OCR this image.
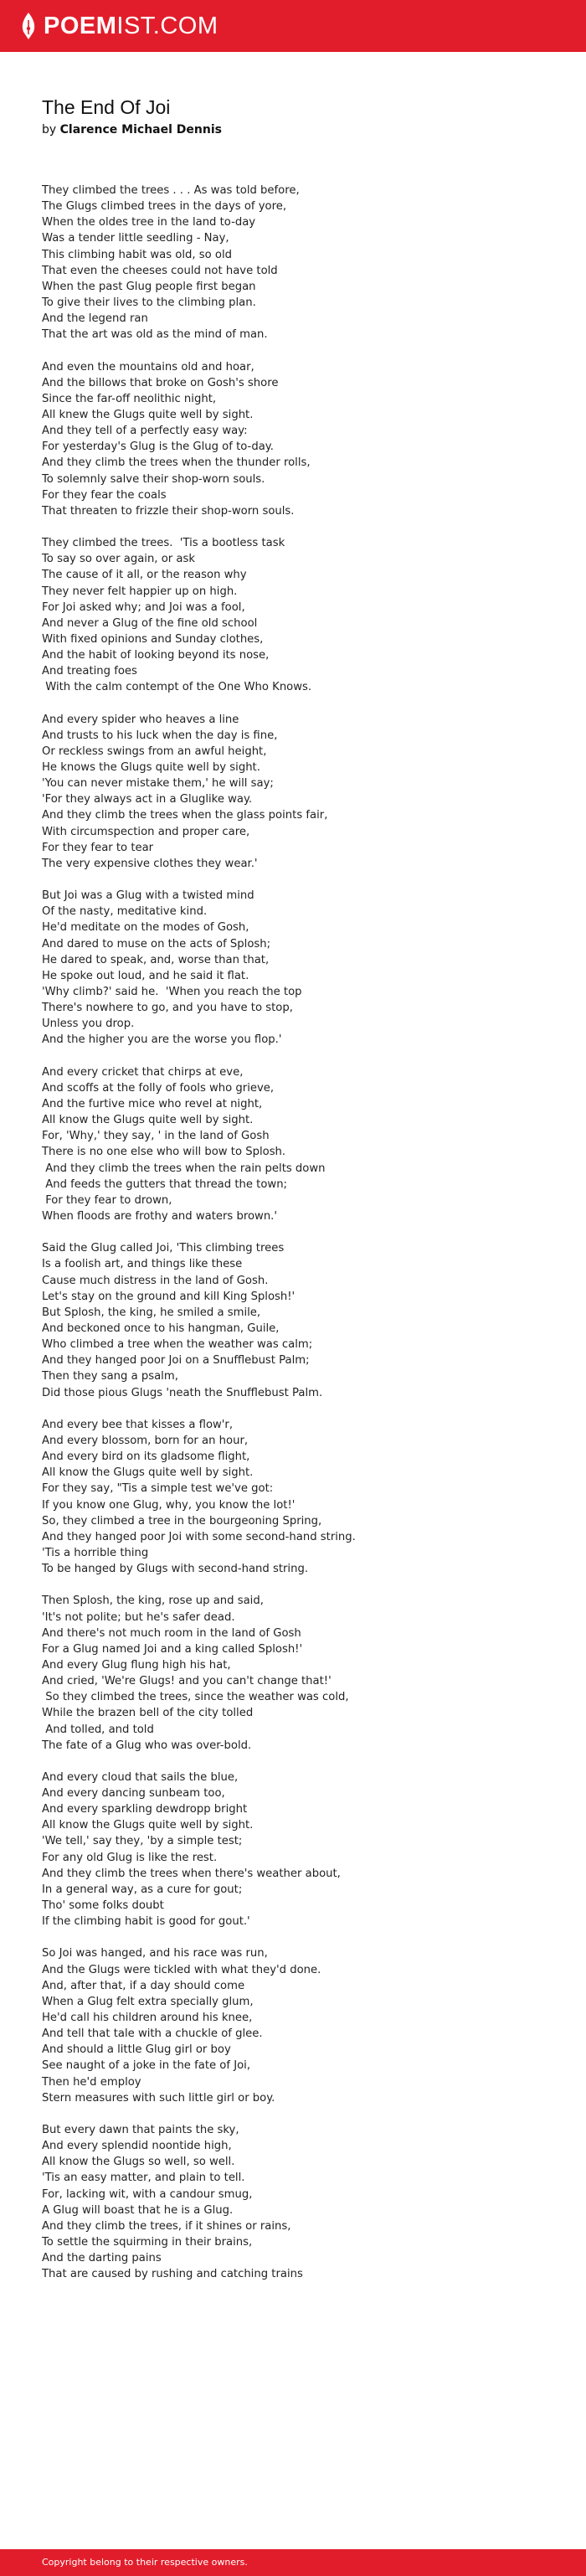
POEMIST.COM
The End Of Joi
by Clarence Michael Dennis
They climbed the trees . . . As was told before,
The Glugs climbed trees in the days of yore,
When the oldes tree in the land to-day
Was a tender little seedling - Nay,
This climbing habit was old, so old
That even the cheeses could not have told
When the past Glug people first began
To give their lives to the climbing plan.
And the legend ran
That the art was old as the mind of man.
And even the mountains old and hoar,
And the billows that broke on Gosh's shore
Since the far-off neolithic night,
All knew the Glugs quite well by sight.
And they tell of a perfectly easy way:
For yesterday's Glug is the Glug of to-day.
And they climb the trees when the thunder rolls,
To solemnly salve their shop-worn souls.
For they fear the coals
That threaten to frizzle their shop-worn souls.
They climbed the trees.  'Tis a bootless task
To say so over again, or ask
The cause of it all, or the reason why
They never felt happier up on high.
For Joi asked why; and Joi was a fool,
And never a Glug of the fine old school
With fixed opinions and Sunday clothes,
And the habit of looking beyond its nose,
And treating foes
With the calm contempt of the One Who Knows.
And every spider who heaves a line
And trusts to his luck when the day is fine,
Or reckless swings from an awful height,
He knows the Glugs quite well by sight.
'You can never mistake them,' he will say;
'For they always act in a Gluglike way.
And they climb the trees when the glass points fair,
With circumspection and proper care,
For they fear to tear
The very expensive clothes they wear.'
But Joi was a Glug with a twisted mind
Of the nasty, meditative kind.
He'd meditate on the modes of Gosh,
And dared to muse on the acts of Splosh;
He dared to speak, and, worse than that,
He spoke out loud, and he said it flat.
'Why climb?' said he.  'When you reach the top
There's nowhere to go, and you have to stop,
Unless you drop.
And the higher you are the worse you flop.'
And every cricket that chirps at eve,
And scoffs at the folly of fools who grieve,
And the furtive mice who revel at night,
All know the Glugs quite well by sight.
For, 'Why,' they say, ' in the land of Gosh
There is no one else who will bow to Splosh.
And they climb the trees when the rain pelts down
And feeds the gutters that thread the town;
For they fear to drown,
When floods are frothy and waters brown.'
Said the Glug called Joi, 'This climbing trees
Is a foolish art, and things like these
Cause much distress in the land of Gosh.
Let's stay on the ground and kill King Splosh!'
But Splosh, the king, he smiled a smile,
And beckoned once to his hangman, Guile,
Who climbed a tree when the weather was calm;
And they hanged poor Joi on a Snufflebust Palm;
Then they sang a psalm,
Did those pious Glugs 'neath the Snufflebust Palm.
And every bee that kisses a flow'r,
And every blossom, born for an hour,
And every bird on its gladsome flight,
All know the Glugs quite well by sight.
For they say, "Tis a simple test we've got:
If you know one Glug, why, you know the lot!'
So, they climbed a tree in the bourgeoning Spring,
And they hanged poor Joi with some second-hand string.
'Tis a horrible thing
To be hanged by Glugs with second-hand string.
Then Splosh, the king, rose up and said,
'It's not polite; but he's safer dead.
And there's not much room in the land of Gosh
For a Glug named Joi and a king called Splosh!'
And every Glug flung high his hat,
And cried, 'We're Glugs! and you can't change that!'
So they climbed the trees, since the weather was cold,
While the brazen bell of the city tolled
And tolled, and told
The fate of a Glug who was over-bold.
And every cloud that sails the blue,
And every dancing sunbeam too,
And every sparkling dewdropp bright
All know the Glugs quite well by sight.
'We tell,' say they, 'by a simple test;
For any old Glug is like the rest.
And they climb the trees when there's weather about,
In a general way, as a cure for gout;
Tho' some folks doubt
If the climbing habit is good for gout.'
So Joi was hanged, and his race was run,
And the Glugs were tickled with what they'd done.
And, after that, if a day should come
When a Glug felt extra specially glum,
He'd call his children around his knee,
And tell that tale with a chuckle of glee.
And should a little Glug girl or boy
See naught of a joke in the fate of Joi,
Then he'd employ
Stern measures with such little girl or boy.
But every dawn that paints the sky,
And every splendid noontide high,
All know the Glugs so well, so well.
'Tis an easy matter, and plain to tell.
For, lacking wit, with a candour smug,
A Glug will boast that he is a Glug.
And they climb the trees, if it shines or rains,
To settle the squirming in their brains,
And the darting pains
That are caused by rushing and catching trains
Copyright belong to their respective owners.
